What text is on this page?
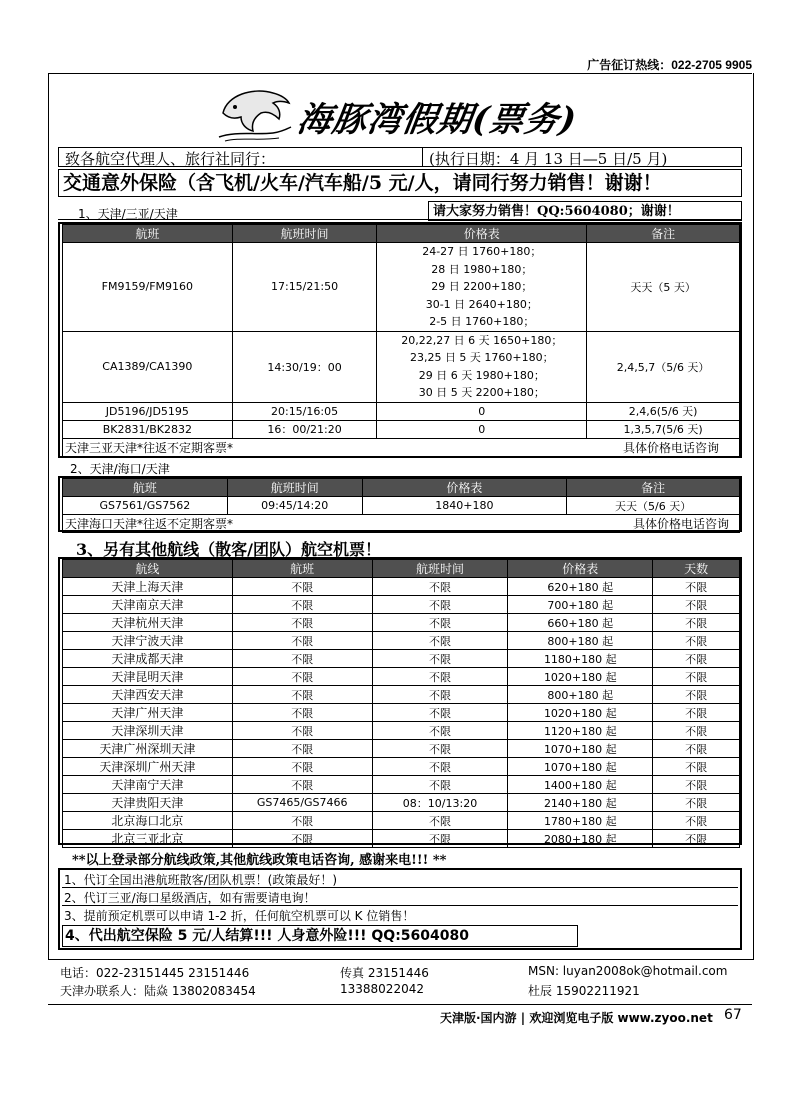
广告征订热线：022-2705 9905
海豚湾假期(票务)
致各航空代理人、旅行社同行：	(执行日期：4 月 13 日—5 日/5 月)
交通意外保险（含飞机/火车/汽车船/5 元/人，请同行努力销售！谢谢！
1、天津/三亚/天津	请大家努力销售！QQ:5604080；谢谢！
航班	航班时间	价格表	备注
FM9159/FM9160	17:15/21:50	24-27 日 1760+180；
28 日 1980+180；
29 日 2200+180；
30-1 日 2640+180；
2-5 日 1760+180；	天天（5 天）
CA1389/CA1390	14:30/19：00	20,22,27 日 6 天 1650+180；
23,25 日 5 天 1760+180；
29 日 6 天 1980+180；
30 日 5 天 2200+180；	2,4,5,7（5/6 天）
JD5196/JD5195	20:15/16:05	0	2,4,6(5/6 天)
BK2831/BK2832	16：00/21:20	0	1,3,5,7(5/6 天)
天津三亚天津*往返不定期客票* 具体价格电话咨询			
2、天津/海口/天津
航班	航班时间	价格表	备注
GS7561/GS7562	09:45/14:20	1840+180	天天（5/6 天）
天津海口天津*往返不定期客票* 具体价格电话咨询			
3、另有其他航线（散客/团队）航空机票！
航线	航班	航班时间	价格表	天数
天津上海天津	不限	不限	620+180 起	不限
天津南京天津	不限	不限	700+180 起	不限
天津杭州天津	不限	不限	660+180 起	不限
天津宁波天津	不限	不限	800+180 起	不限
天津成都天津	不限	不限	1180+180 起	不限
天津昆明天津	不限	不限	1020+180 起	不限
天津西安天津	不限	不限	800+180 起	不限
天津广州天津	不限	不限	1020+180 起	不限
天津深圳天津	不限	不限	1120+180 起	不限
天津广州深圳天津	不限	不限	1070+180 起	不限
天津深圳广州天津	不限	不限	1070+180 起	不限
天津南宁天津	不限	不限	1400+180 起	不限
天津贵阳天津	GS7465/GS7466	08：10/13:20	2140+180 起	不限
北京海口北京	不限	不限	1780+180 起	不限
北京三亚北京	不限	不限	2080+180 起	不限
**以上登录部分航线政策,其他航线政策电话咨询, 感谢来电!!! **
1、代订全国出港航班散客/团队机票！(政策最好！)
2、代订三亚/海口星级酒店，如有需要请电询！
3、提前预定机票可以申请 1-2 折，任何航空机票可以 K 位销售！
4、代出航空保险 5 元/人结算!!! 人身意外险!!! QQ:5604080
电话：022-23151445 23151446	传真 23151446	MSN: luyan2008ok@hotmail.com
天津办联系人：陆焱 13802083454	13388022042	杜辰 15902211921
天津版·国内游 | 欢迎浏览电子版 www.zyoo.net 67
